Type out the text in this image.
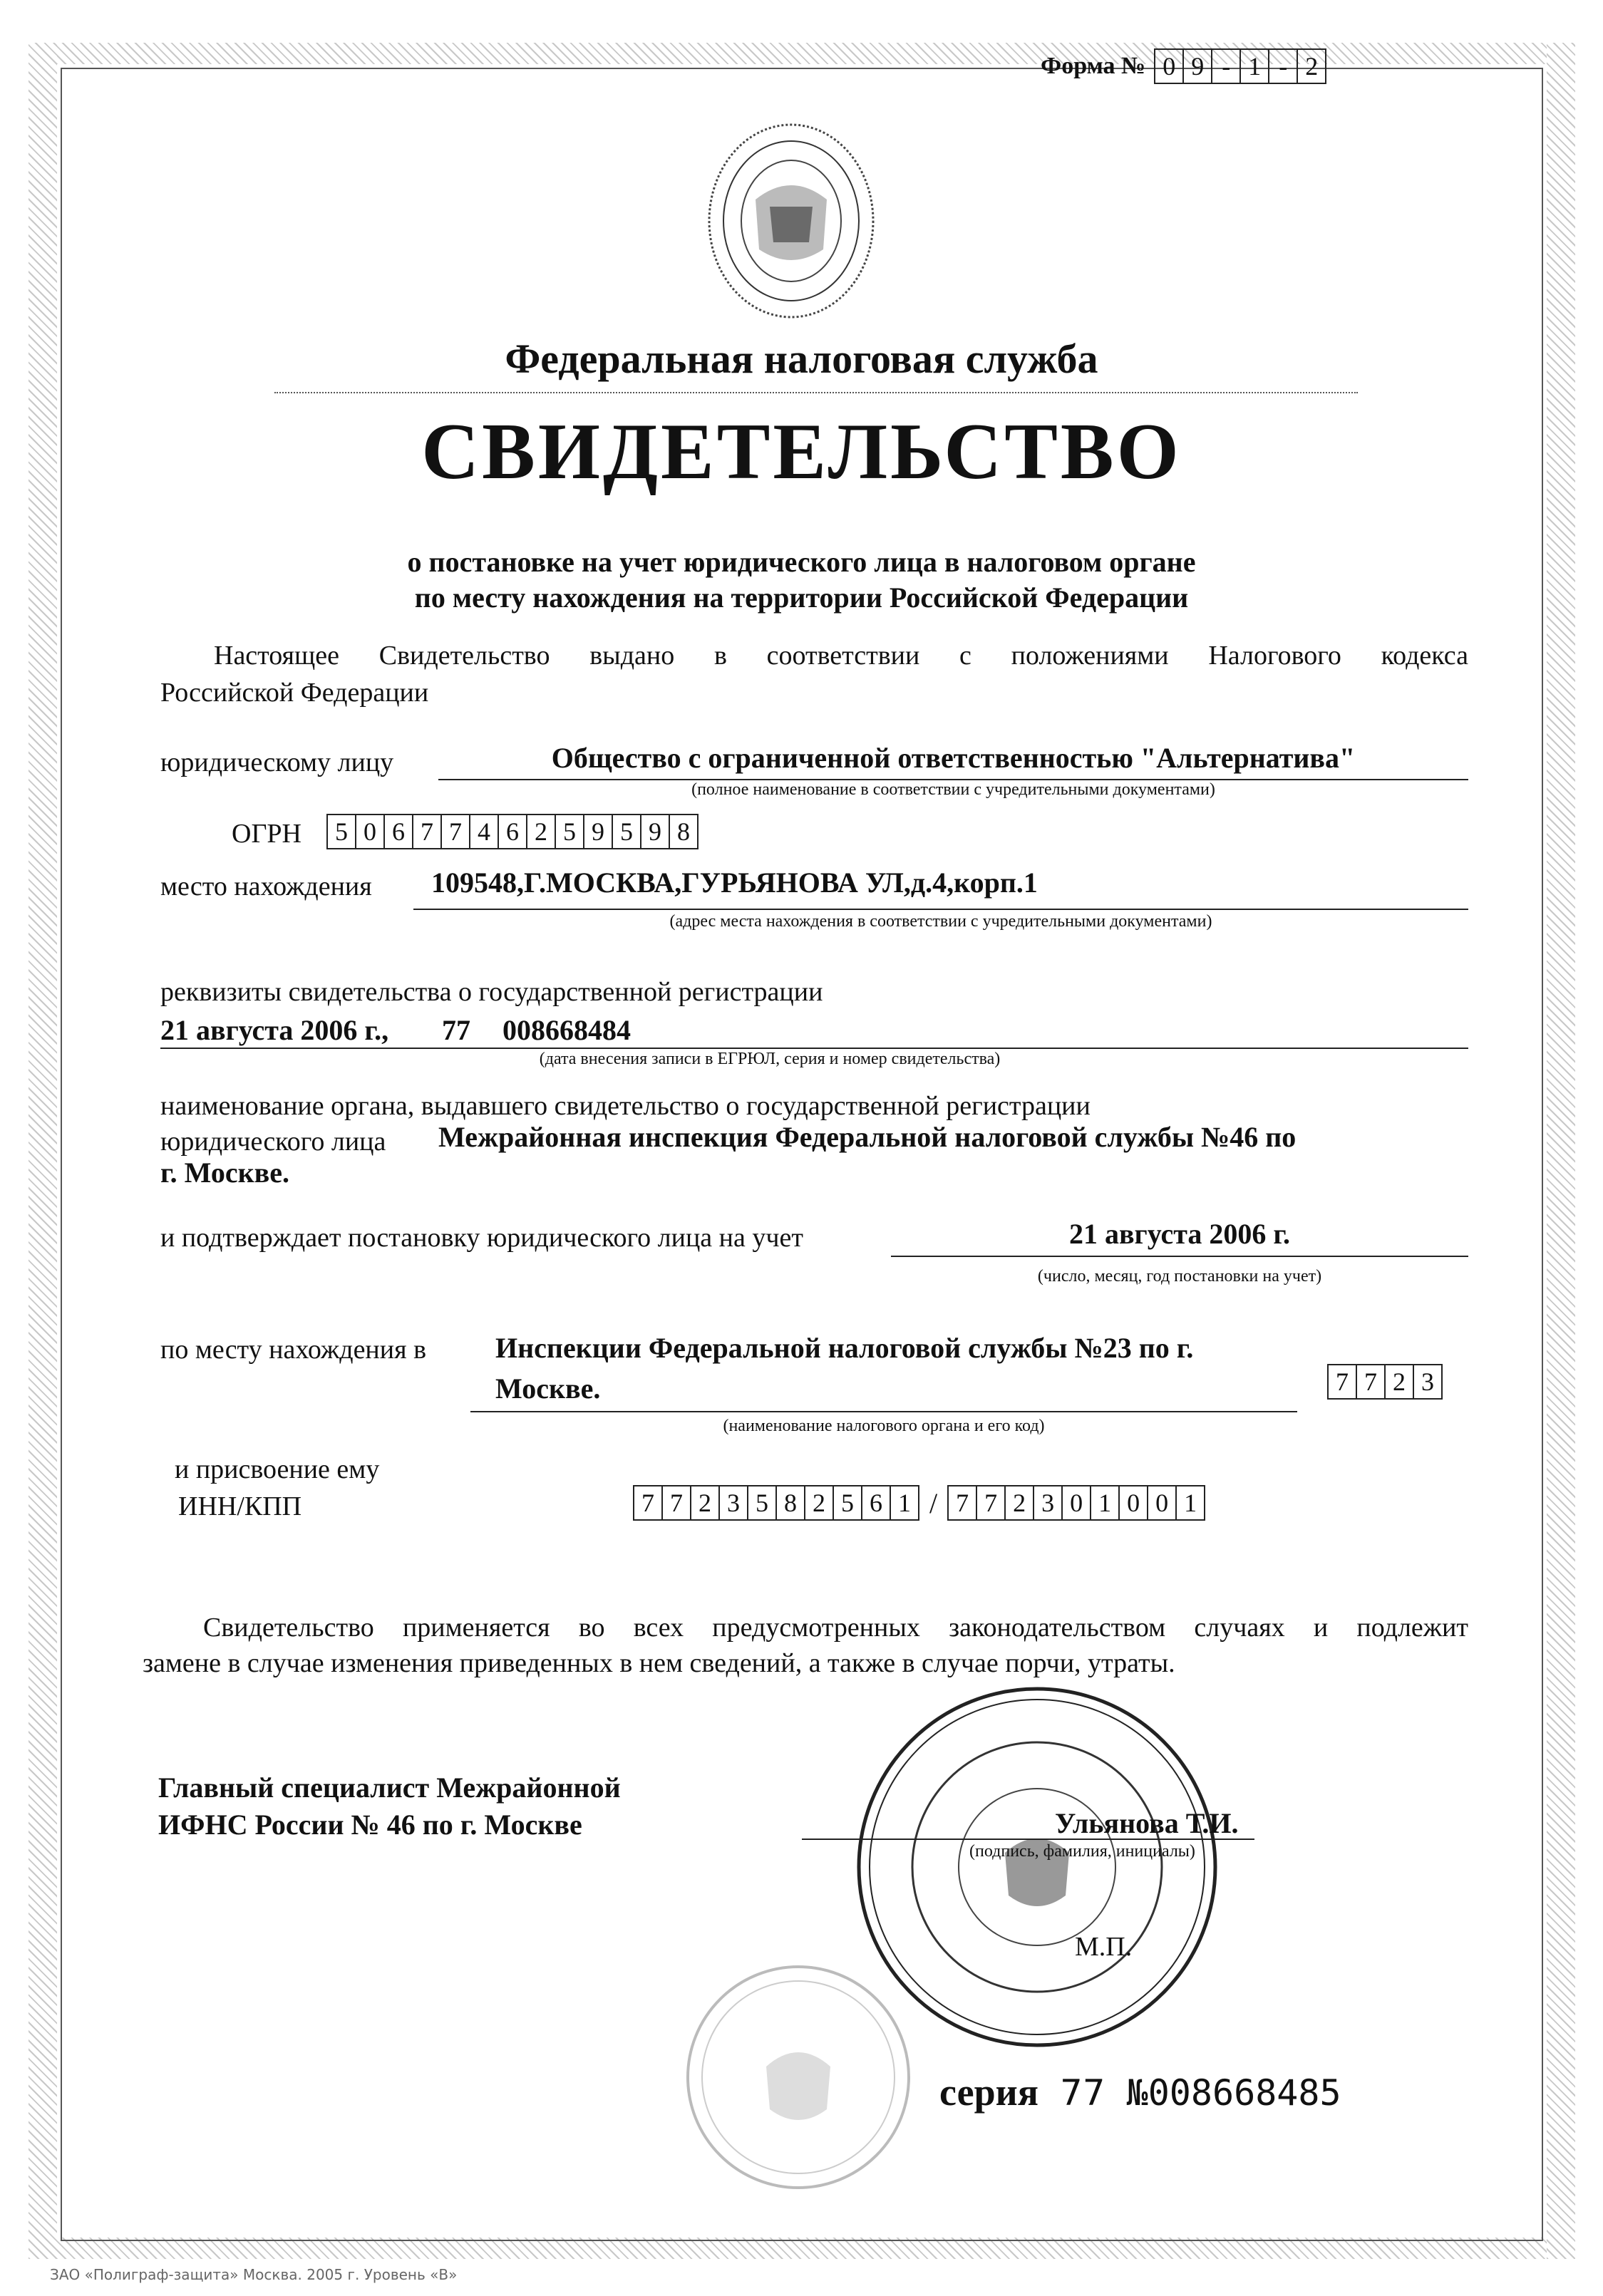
Форма № 0 9 - 1 - 2
Федеральная налоговая служба
СВИДЕТЕЛЬСТВО
о постановке на учет юридического лица в налоговом органе
по месту нахождения на территории Российской Федерации
Настоящее Свидетельство выдано в соответствии с положениями Налогового кодекса
Российской Федерации
юридическому лицу	Общество с ограниченной ответственностью "Альтернатива"
(полное наименование в соответствии с учредительными документами)
ОГРН 5 0 6 7 7 4 6 2 5 9 5 9 8
место нахождения 109548,Г.МОСКВА,ГУРЬЯНОВА УЛ,д.4,корп.1
(адрес места нахождения в соответствии с учредительными документами)
реквизиты свидетельства о государственной регистрации
21 августа 2006 г., 77 008668484
(дата внесения записи в ЕГРЮЛ, серия и номер свидетельства)
наименование органа, выдавшего свидетельство о государственной регистрации
юридического лица Межрайонная инспекция Федеральной налоговой службы №46 по
г. Москве.
и подтверждает постановку юридического лица на учет	21 августа 2006 г.
(число, месяц, год постановки на учет)
по месту нахождения в Инспекции Федеральной налоговой службы №23 по г.
Москве.
(наименование налогового органа и его код)
7 7 2 3
и присвоение ему
ИНН/КПП	7 7 2 3 5 8 2 5 6 1 / 7 7 2 3 0 1 0 0 1
Свидетельство применяется во всех предусмотренных законодательством случаях и подлежит
замене в случае изменения приведенных в нем сведений, а также в случае порчи, утраты.
Главный специалист Межрайонной
ИФНС России № 46 по г. Москве	Ульянова Т.И.
(подпись, фамилия, инициалы)
М.П.
серия 77 №008668485
ЗАО «Полиграф-защита» Москва. 2005 г. Уровень «В»
